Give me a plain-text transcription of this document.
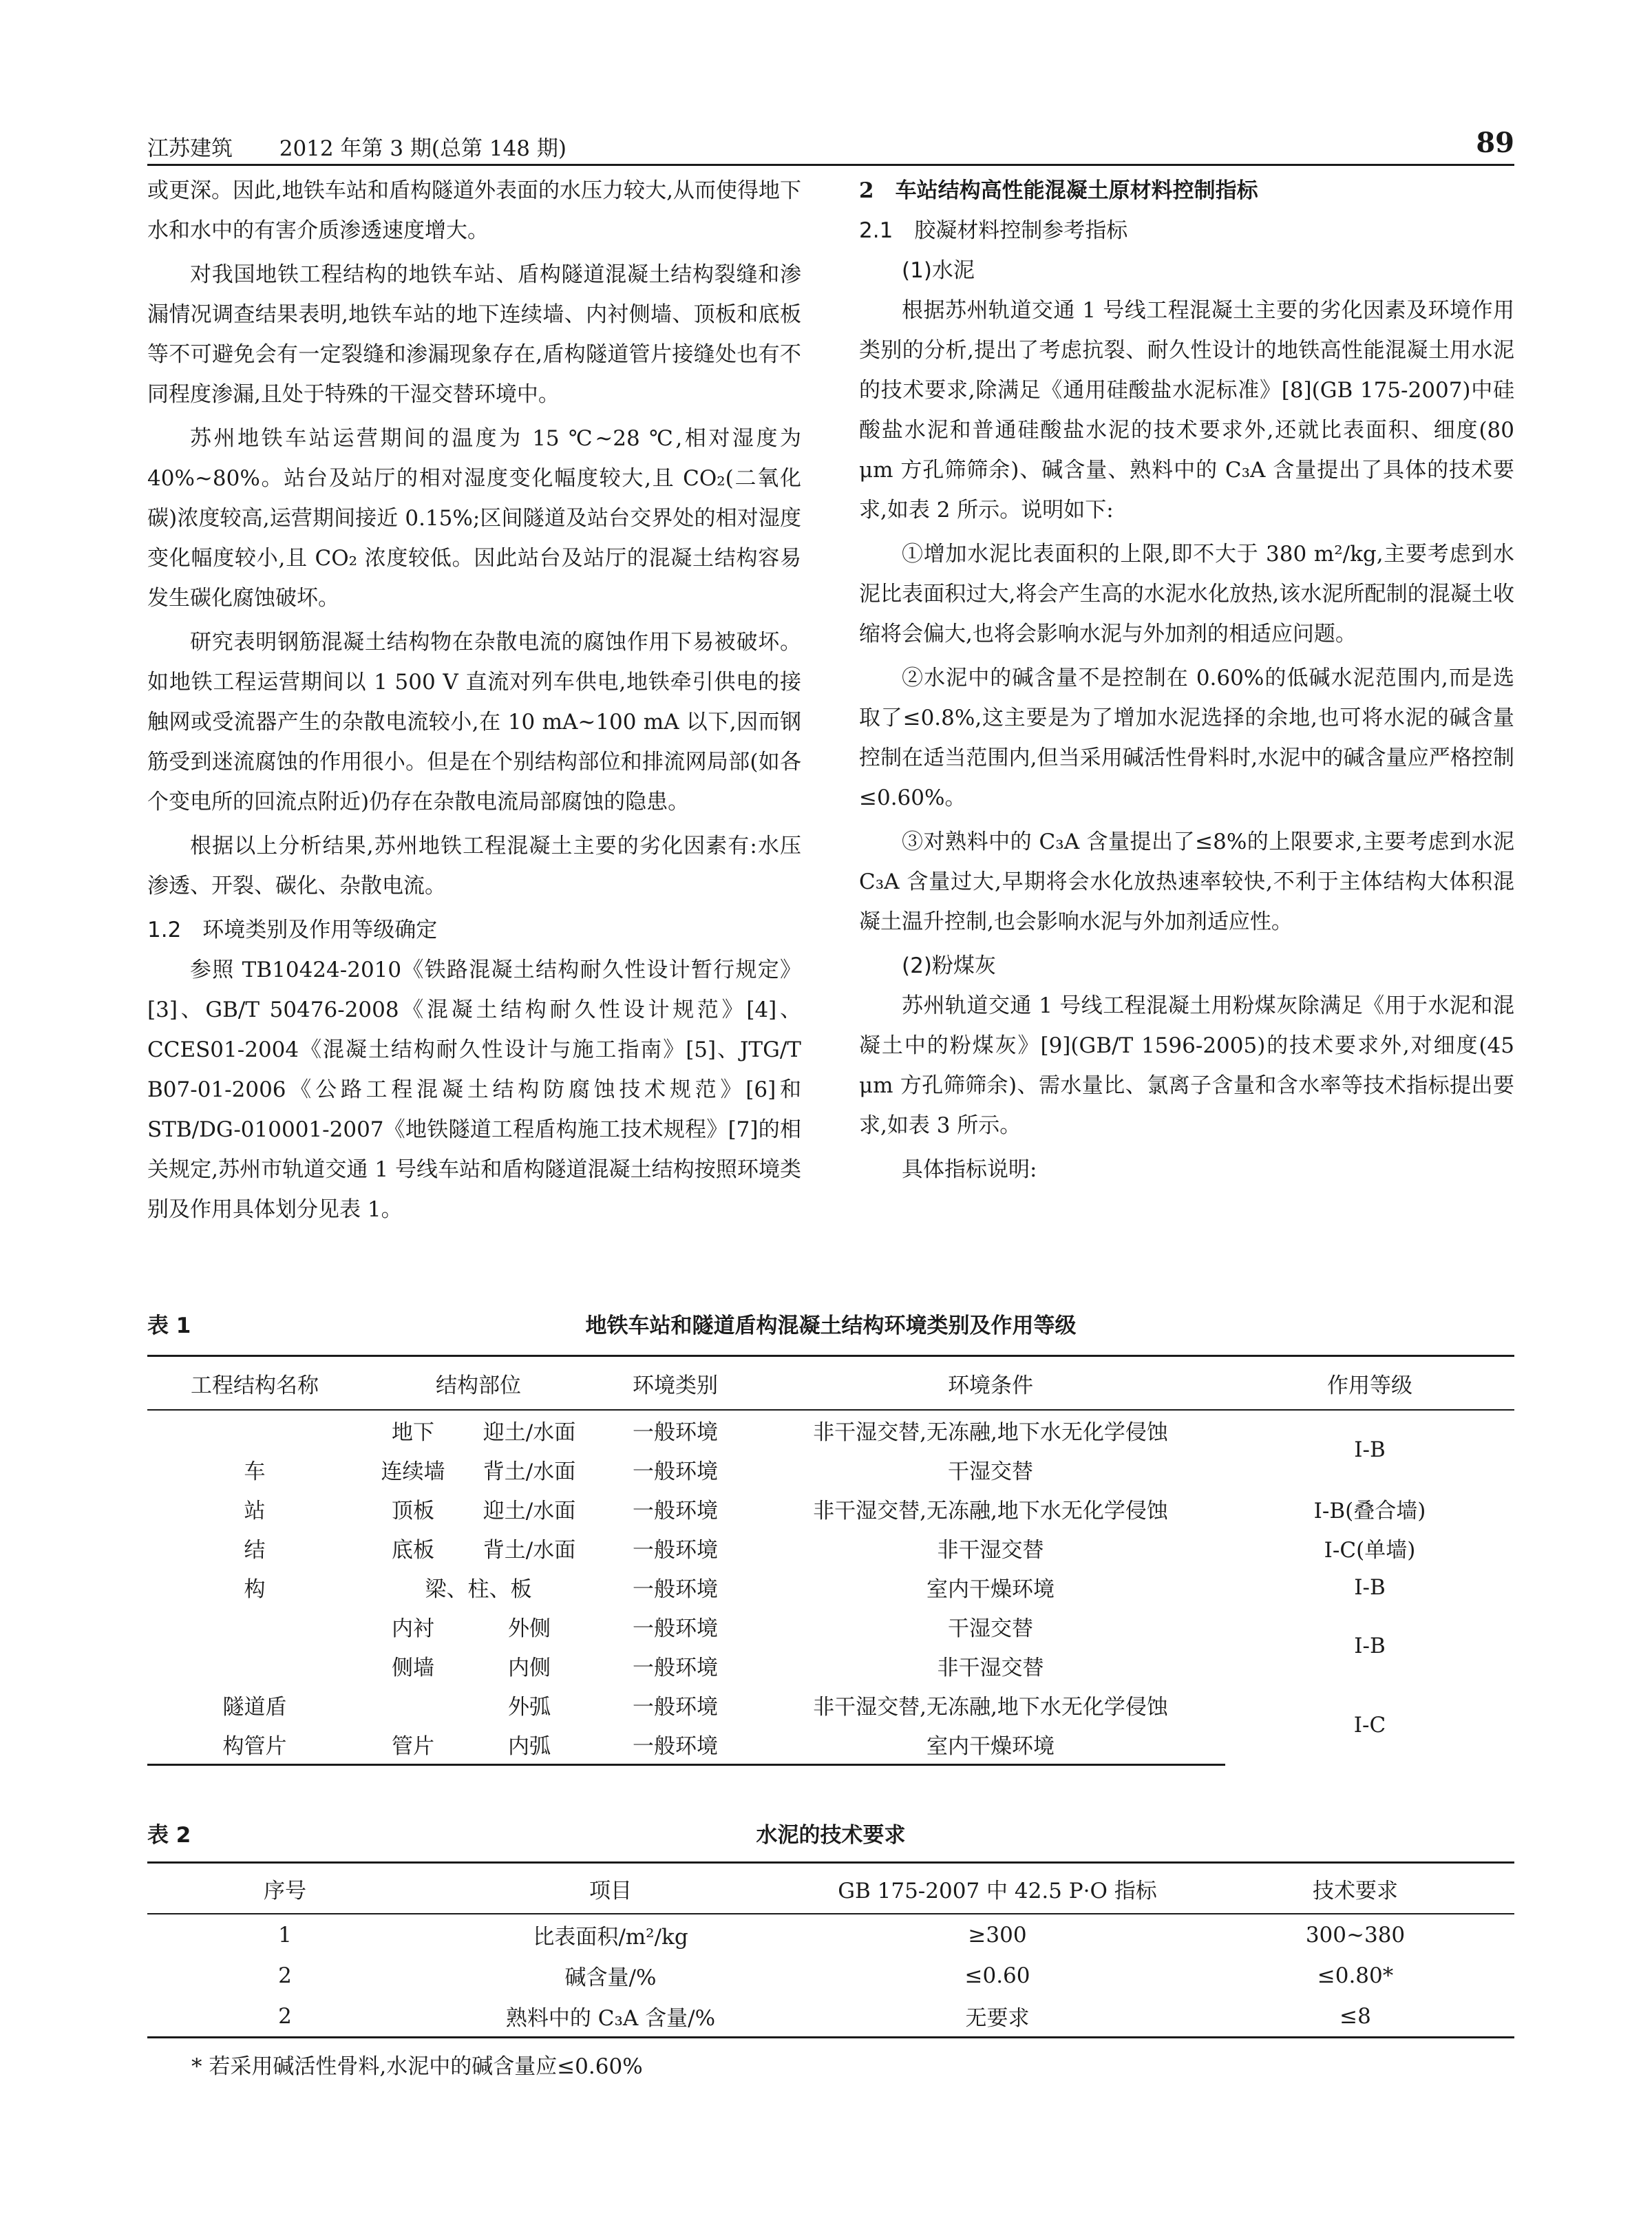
江苏建筑 2012 年第 3 期(总第 148 期)	89

或更深。因此,地铁车站和盾构隧道外表面的水压力较大,从而使得地下水和水中的有害介质渗透速度增大。

对我国地铁工程结构的地铁车站、盾构隧道混凝土结构裂缝和渗漏情况调查结果表明,地铁车站的地下连续墙、内衬侧墙、顶板和底板等不可避免会有一定裂缝和渗漏现象存在,盾构隧道管片接缝处也有不同程度渗漏,且处于特殊的干湿交替环境中。

苏州地铁车站运营期间的温度为 15 ℃~28 ℃,相对湿度为 40%~80%。站台及站厅的相对湿度变化幅度较大,且 CO₂(二氧化碳)浓度较高,运营期间接近 0.15%;区间隧道及站台交界处的相对湿度变化幅度较小,且 CO₂ 浓度较低。因此站台及站厅的混凝土结构容易发生碳化腐蚀破坏。

研究表明钢筋混凝土结构物在杂散电流的腐蚀作用下易被破坏。如地铁工程运营期间以 1 500 V 直流对列车供电,地铁牵引供电的接触网或受流器产生的杂散电流较小,在 10 mA~100 mA 以下,因而钢筋受到迷流腐蚀的作用很小。但是在个别结构部位和排流网局部(如各个变电所的回流点附近)仍存在杂散电流局部腐蚀的隐患。

根据以上分析结果,苏州地铁工程混凝土主要的劣化因素有:水压渗透、开裂、碳化、杂散电流。

1.2　环境类别及作用等级确定

参照 TB10424-2010《铁路混凝土结构耐久性设计暂行规定》[3]、GB/T 50476-2008《混凝土结构耐久性设计规范》[4]、CCES01-2004《混凝土结构耐久性设计与施工指南》[5]、JTG/T B07-01-2006《公路工程混凝土结构防腐蚀技术规范》[6]和 STB/DG-010001-2007《地铁隧道工程盾构施工技术规程》[7]的相关规定,苏州市轨道交通 1 号线车站和盾构隧道混凝土结构按照环境类别及作用具体划分见表 1。

2　车站结构高性能混凝土原材料控制指标

2.1　胶凝材料控制参考指标

　　(1)水泥

根据苏州轨道交通 1 号线工程混凝土主要的劣化因素及环境作用类别的分析,提出了考虑抗裂、耐久性设计的地铁高性能混凝土用水泥的技术要求,除满足《通用硅酸盐水泥标准》[8](GB 175-2007)中硅酸盐水泥和普通硅酸盐水泥的技术要求外,还就比表面积、细度(80 μm 方孔筛筛余)、碱含量、熟料中的 C₃A 含量提出了具体的技术要求,如表 2 所示。说明如下:

①增加水泥比表面积的上限,即不大于 380 m²/kg,主要考虑到水泥比表面积过大,将会产生高的水泥水化放热,该水泥所配制的混凝土收缩将会偏大,也将会影响水泥与外加剂的相适应问题。

②水泥中的碱含量不是控制在 0.60%的低碱水泥范围内,而是选取了≤0.8%,这主要是为了增加水泥选择的余地,也可将水泥的碱含量控制在适当范围内,但当采用碱活性骨料时,水泥中的碱含量应严格控制≤0.60%。

③对熟料中的 C₃A 含量提出了≤8%的上限要求,主要考虑到水泥 C₃A 含量过大,早期将会水化放热速率较快,不利于主体结构大体积混凝土温升控制,也会影响水泥与外加剂适应性。

　　(2)粉煤灰

苏州轨道交通 1 号线工程混凝土用粉煤灰除满足《用于水泥和混凝土中的粉煤灰》[9](GB/T 1596-2005)的技术要求外,对细度(45 μm 方孔筛筛余)、需水量比、氯离子含量和含水率等技术指标提出要求,如表 3 所示。

具体指标说明:

地铁车站和隧道盾构混凝土结构环境类别及作用等级
表 1
工程结构名称	结构部位		环境类别	环境条件	作用等级
	地下	迎土/水面	一般环境	非干湿交替,无冻融,地下水无化学侵蚀	I-B
车	连续墙	背土/水面	一般环境	干湿交替	
站	顶板	迎土/水面	一般环境	非干湿交替,无冻融,地下水无化学侵蚀	I-B(叠合墙)
结	底板	背土/水面	一般环境	非干湿交替	I-C(单墙)
构	梁、柱、板		一般环境	室内干燥环境	I-B
	内衬	外侧	一般环境	干湿交替	I-B
	侧墙	内侧	一般环境	非干湿交替	
隧道盾		外弧	一般环境	非干湿交替,无冻融,地下水无化学侵蚀	I-C
构管片	管片	内弧	一般环境	室内干燥环境	
水泥的技术要求
表 2
序号	项目	GB 175-2007 中 42.5 P·O 指标	技术要求
1	比表面积/m²/kg	≥300	300~380
2	碱含量/%	≤0.60	≤0.80*
2	熟料中的 C₃A 含量/%	无要求	≤8
* 若采用碱活性骨料,水泥中的碱含量应≤0.60%
